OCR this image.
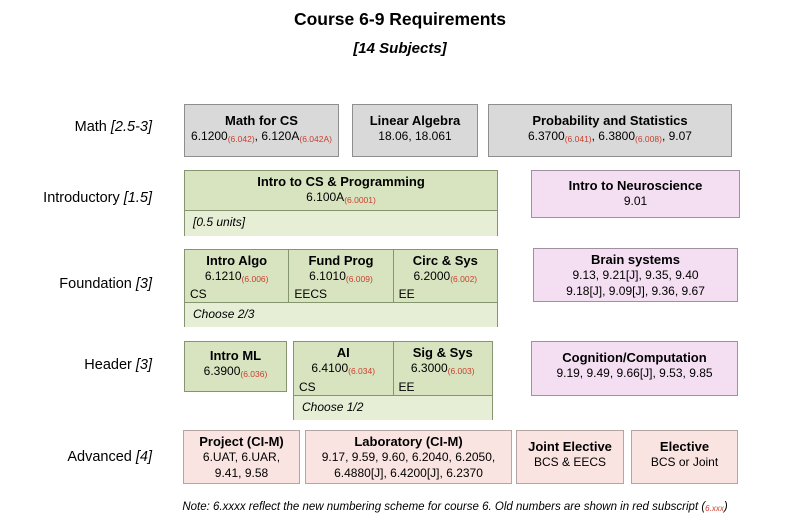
Course 6-9 Requirements
[14 Subjects]
Math [2.5-3]
Introductory [1.5]
Foundation [3]
Header [3]
Advanced [4]
Math for CS
6.1200(6.042), 6.120A(6.042A)
Linear Algebra
18.06, 18.061
Probability and Statistics
6.3700(6.041), 6.3800(6.008), 9.07
Intro to CS & Programming
6.100A(6.0001)
[0.5 units]
Intro to Neuroscience
9.01
Intro Algo
6.1210(6.006)
CS
Fund Prog
6.1010(6.009)
EECS
Circ & Sys
6.2000(6.002)
EE
Choose 2/3
Brain systems
9.13, 9.21[J], 9.35, 9.40
9.18[J], 9.09[J], 9.36, 9.67
Intro ML
6.3900(6.036)
AI
6.4100(6.034)
CS
Sig & Sys
6.3000(6.003)
EE
Choose 1/2
Cognition/Computation
9.19, 9.49, 9.66[J], 9.53, 9.85
Project (CI-M)
6.UAT, 6.UAR,
9.41, 9.58
Laboratory (CI-M)
9.17, 9.59, 9.60, 6.2040, 6.2050,
6.4880[J], 6.4200[J], 6.2370
Joint Elective
BCS & EECS
Elective
BCS or Joint
Note: 6.xxxx reflect the new numbering scheme for course 6. Old numbers are shown in red subscript (6.xxx)
